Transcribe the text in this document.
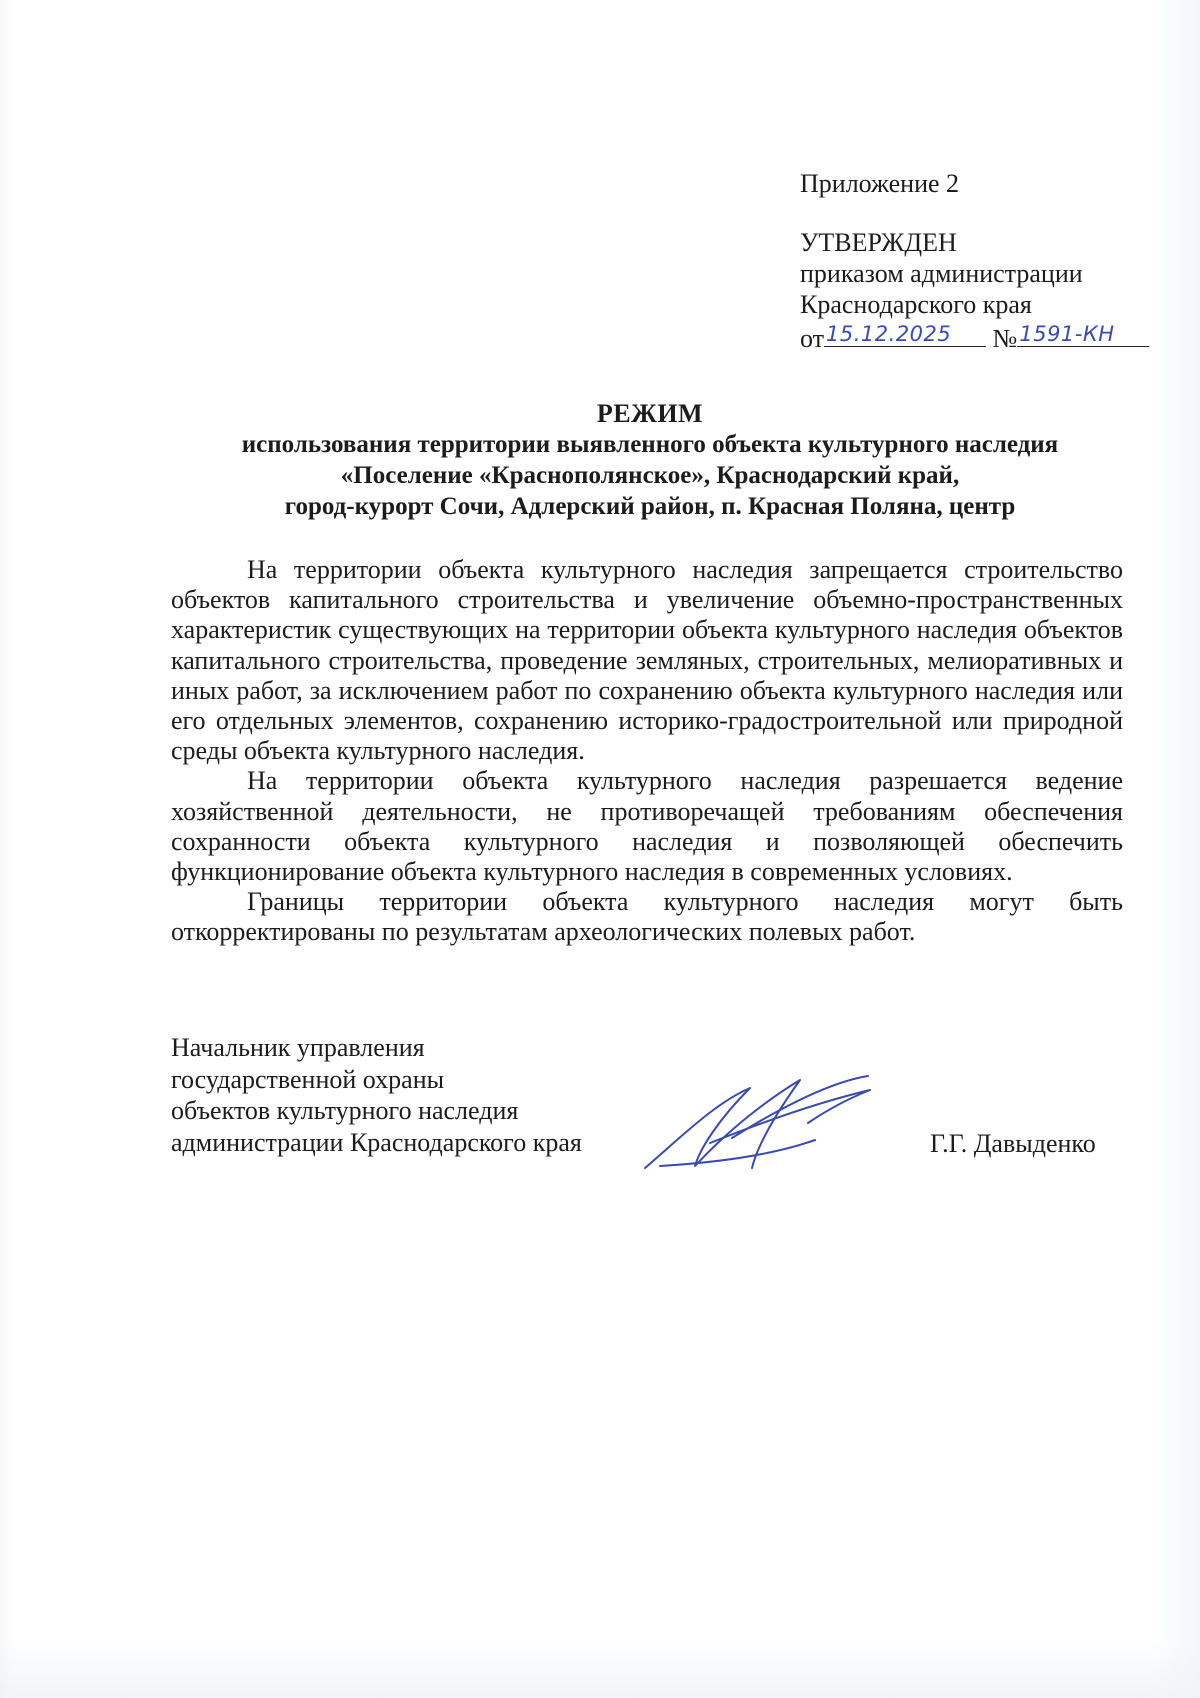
Приложение 2
УТВЕРЖДЕН
приказом администрации
Краснодарского края
от 15.12.2025 № 1591-КН
РЕЖИМ
использования территории выявленного объекта культурного наследия
«Поселение «Краснополянское», Краснодарский край,
город-курорт Сочи, Адлерский район, п. Красная Поляна, центр

На территории объекта культурного наследия запрещается строительство объектов капитального строительства и увеличение объемно-пространственных характеристик существующих на территории объекта культурного наследия объектов капитального строительства, проведение земляных, строительных, мелиоративных и иных работ, за исключением работ по сохранению объекта культурного наследия или его отдельных элементов, сохранению историко-градостроительной или природной среды объекта культурного наследия.

На территории объекта культурного наследия разрешается ведение хозяйственной деятельности, не противоречащей требованиям обеспечения сохранности объекта культурного наследия и позволяющей обеспечить функционирование объекта культурного наследия в современных условиях.

Границы территории объекта культурного наследия могут быть откорректированы по результатам археологических полевых работ.

Начальник управления
государственной охраны
объектов культурного наследия
администрации Краснодарского края	Г.Г. Давыденко
